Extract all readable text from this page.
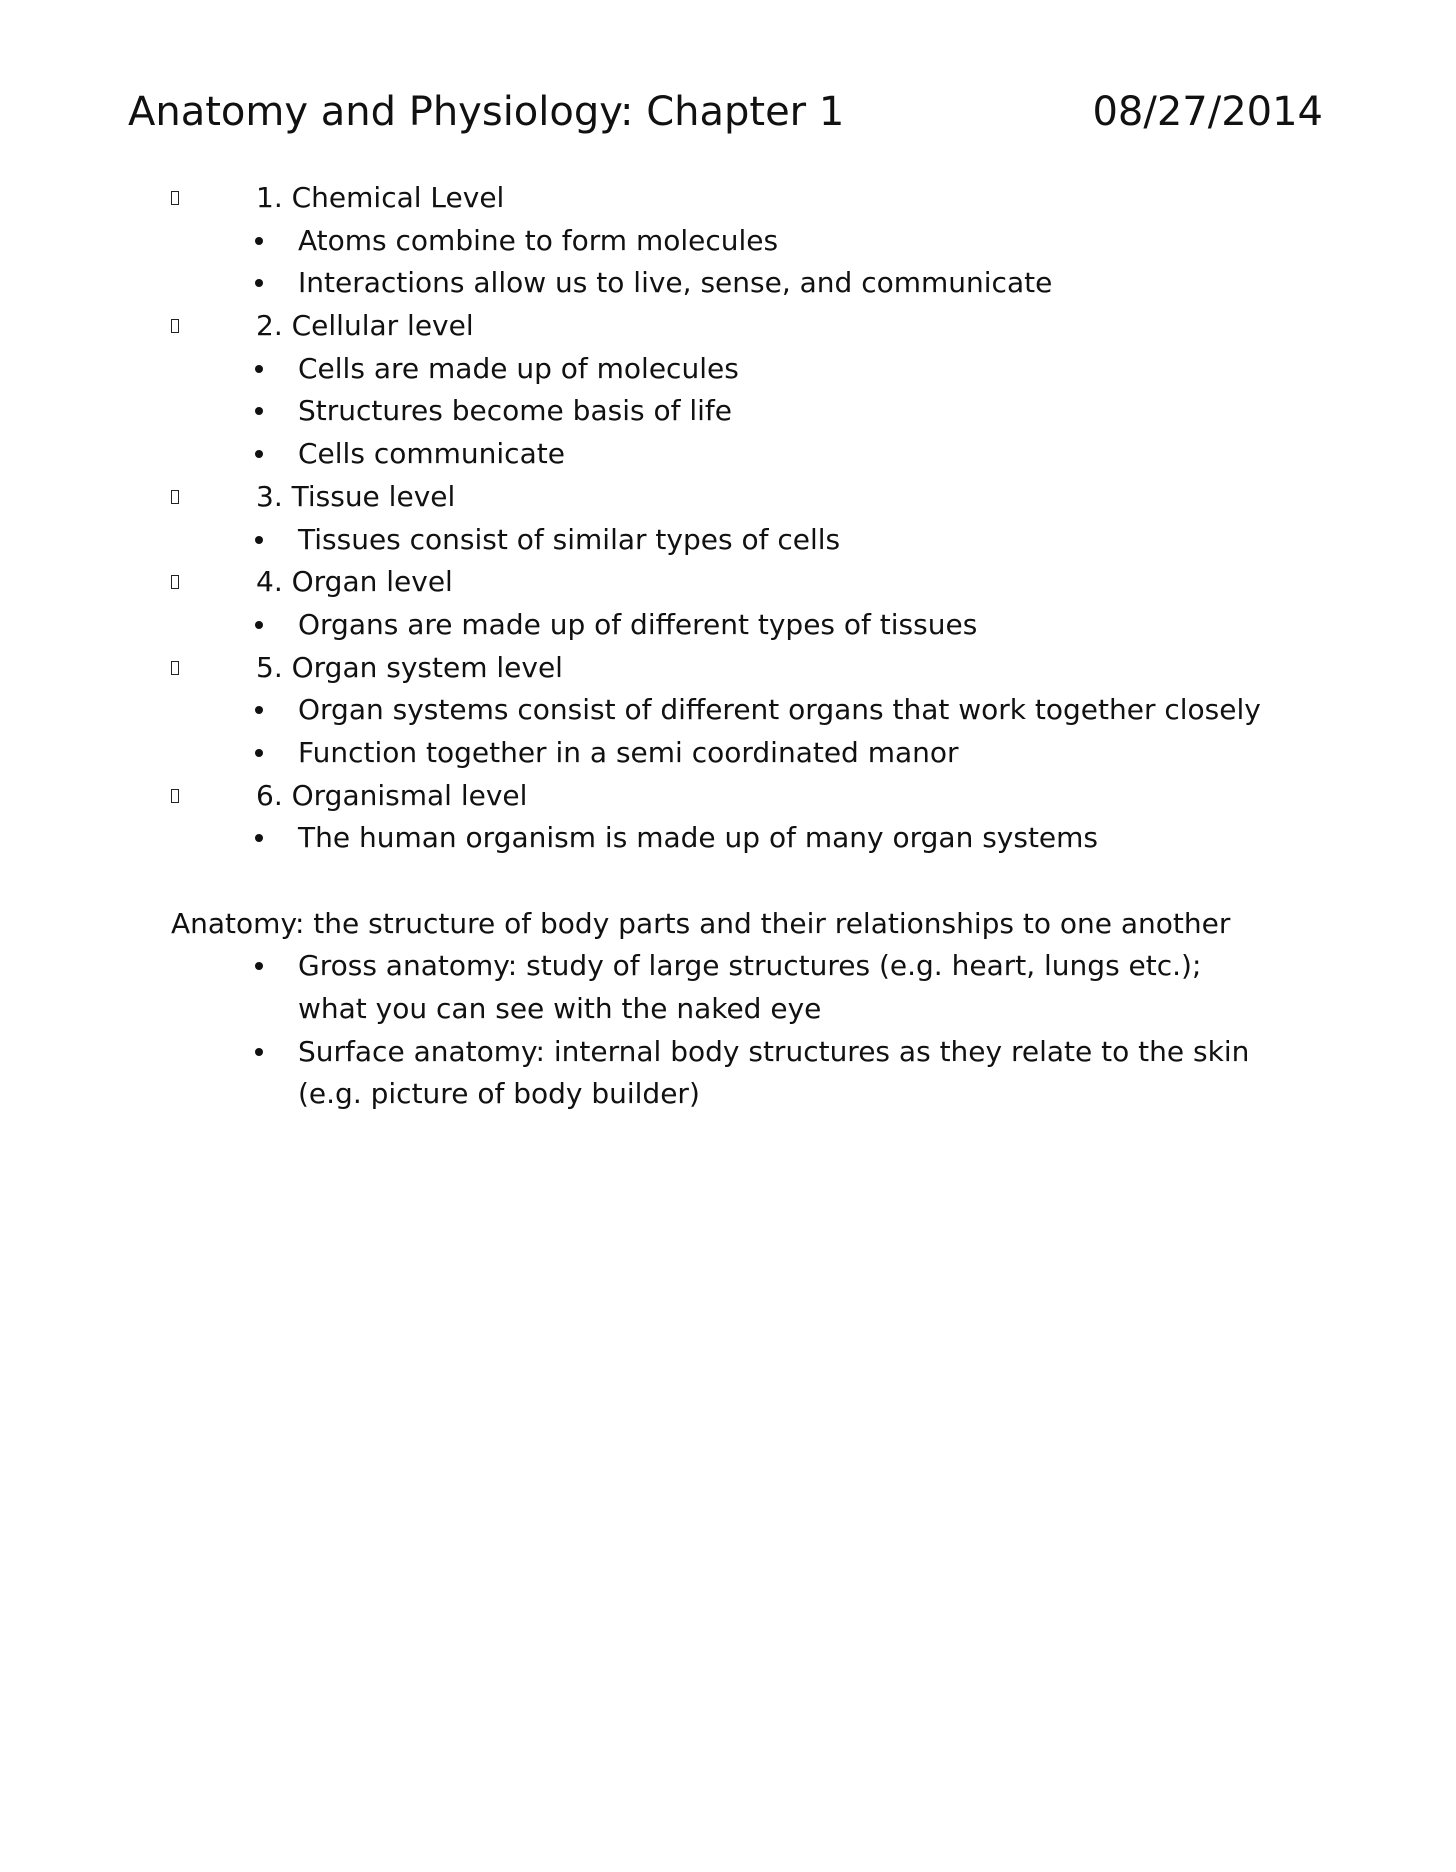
Anatomy and Physiology: Chapter 1	08/27/2014
1. Chemical Level
Atoms combine to form molecules
Interactions allow us to live, sense, and communicate
2. Cellular level
Cells are made up of molecules
Structures become basis of life
Cells communicate
3. Tissue level
Tissues consist of similar types of cells
4. Organ level
Organs are made up of different types of tissues
5. Organ system level
Organ systems consist of different organs that work together closely
Function together in a semi coordinated manor
6. Organismal level
The human organism is made up of many organ systems
Anatomy: the structure of body parts and their relationships to one another
Gross anatomy: study of large structures (e.g. heart, lungs etc.);
what you can see with the naked eye
Surface anatomy: internal body structures as they relate to the skin
(e.g. picture of body builder)
